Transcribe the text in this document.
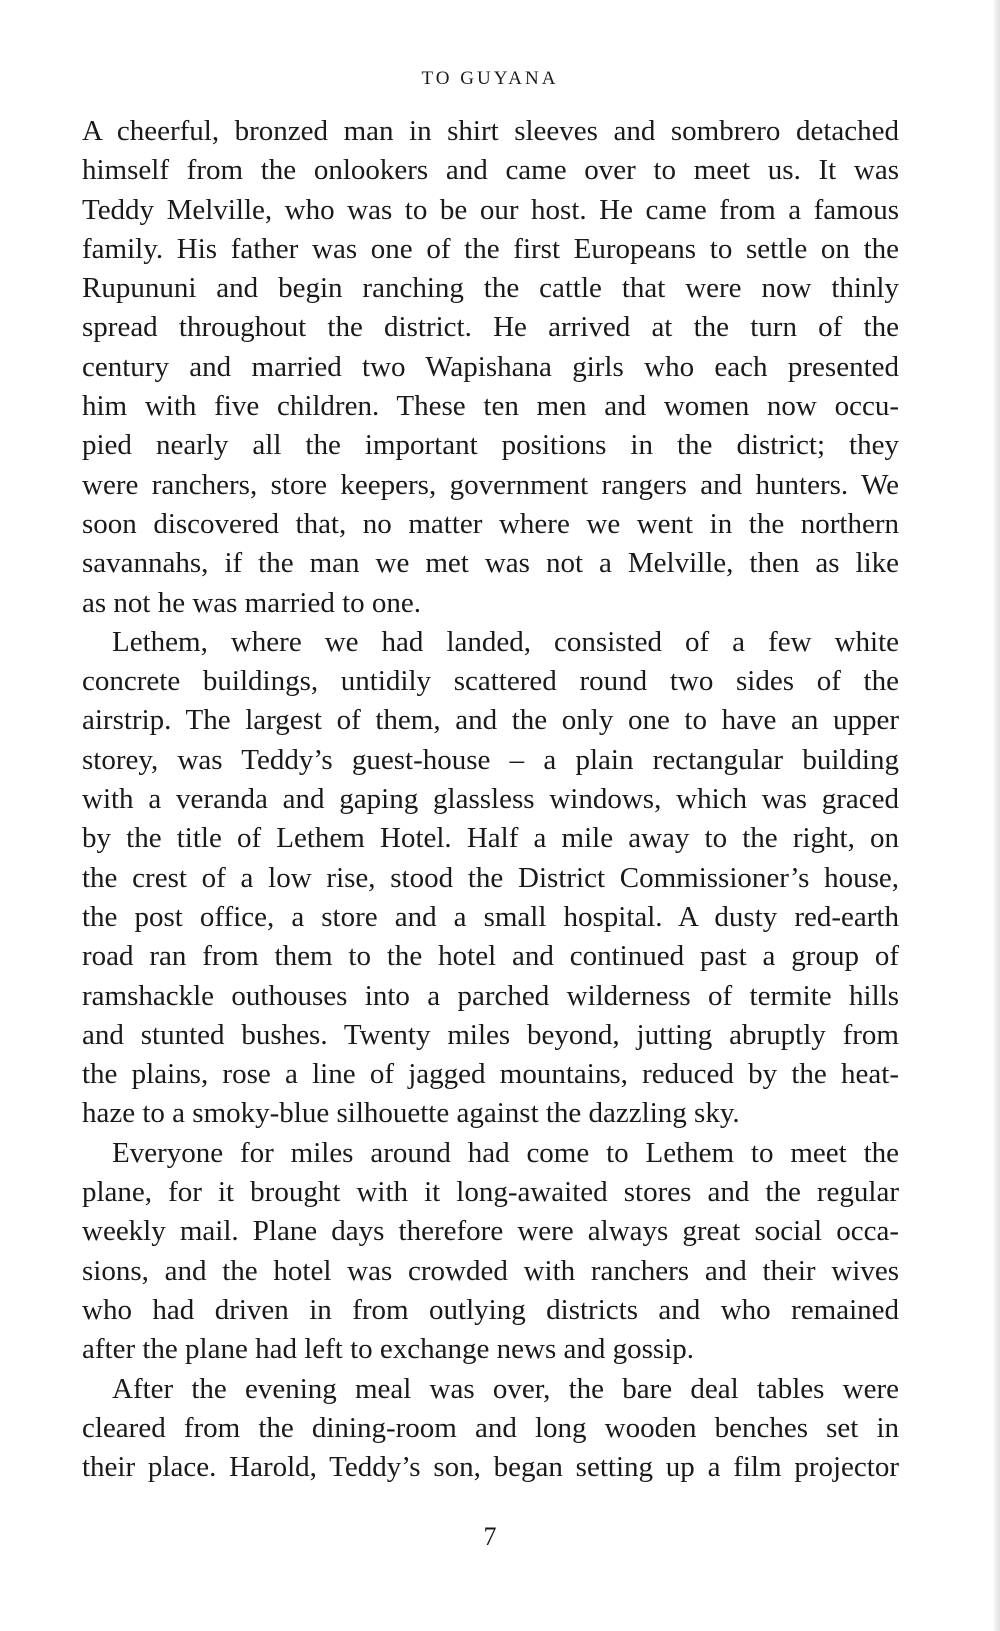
TO GUYANA
A cheerful, bronzed man in shirt sleeves and sombrero detached
himself from the onlookers and came over to meet us. It was
Teddy Melville, who was to be our host. He came from a famous
family. His father was one of the first Europeans to settle on the
Rupununi and begin ranching the cattle that were now thinly
spread throughout the district. He arrived at the turn of the
century and married two Wapishana girls who each presented
him with five children. These ten men and women now occu-
pied nearly all the important positions in the district; they
were ranchers, store keepers, government rangers and hunters. We
soon discovered that, no matter where we went in the northern
savannahs, if the man we met was not a Melville, then as like
as not he was married to one.
Lethem, where we had landed, consisted of a few white
concrete buildings, untidily scattered round two sides of the
airstrip. The largest of them, and the only one to have an upper
storey, was Teddy’s guest-house – a plain rectangular building
with a veranda and gaping glassless windows, which was graced
by the title of Lethem Hotel. Half a mile away to the right, on
the crest of a low rise, stood the District Commissioner’s house,
the post office, a store and a small hospital. A dusty red-earth
road ran from them to the hotel and continued past a group of
ramshackle outhouses into a parched wilderness of termite hills
and stunted bushes. Twenty miles beyond, jutting abruptly from
the plains, rose a line of jagged mountains, reduced by the heat-
haze to a smoky-blue silhouette against the dazzling sky.
Everyone for miles around had come to Lethem to meet the
plane, for it brought with it long-awaited stores and the regular
weekly mail. Plane days therefore were always great social occa-
sions, and the hotel was crowded with ranchers and their wives
who had driven in from outlying districts and who remained
after the plane had left to exchange news and gossip.
After the evening meal was over, the bare deal tables were
cleared from the dining-room and long wooden benches set in
their place. Harold, Teddy’s son, began setting up a film projector
7
